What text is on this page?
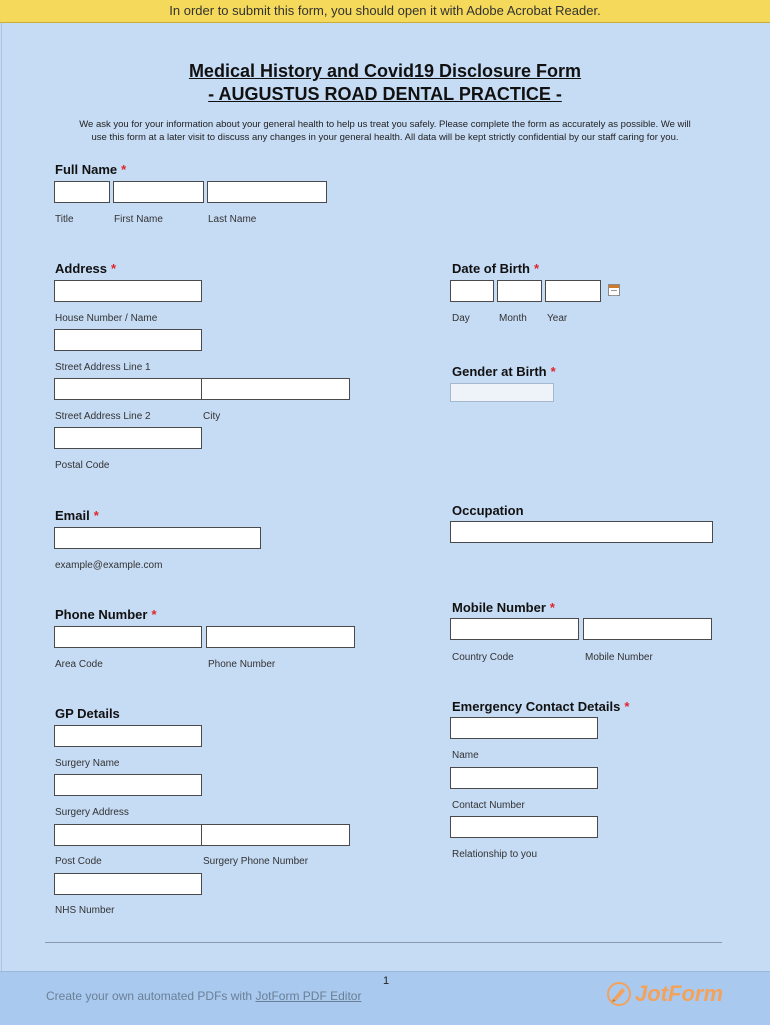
In order to submit this form, you should open it with Adobe Acrobat Reader.
Medical History and Covid19 Disclosure Form
- AUGUSTUS ROAD DENTAL PRACTICE -
We ask you for your information about your general health to help us treat you safely. Please complete the form as accurately as possible. We will
use this form at a later visit to discuss any changes in your general health. All data will be kept strictly confidential by our staff caring for you.
Full Name *
Title	First Name	Last Name
Address *
House Number / Name
Street Address Line 1
Street Address Line 2	City
Postal Code
Date of Birth *
Day	Month Year
Gender at Birth *
Email *
example@example.com
Occupation
Phone Number *
Area Code	Phone Number
Mobile Number *
Country Code	Mobile Number
GP Details
Surgery Name
Surgery Address
Post Code	Surgery Phone Number
NHS Number
Emergency Contact Details *
Name
Contact Number
Relationship to you
1
Create your own automated PDFs with JotForm PDF Editor	JotForm
